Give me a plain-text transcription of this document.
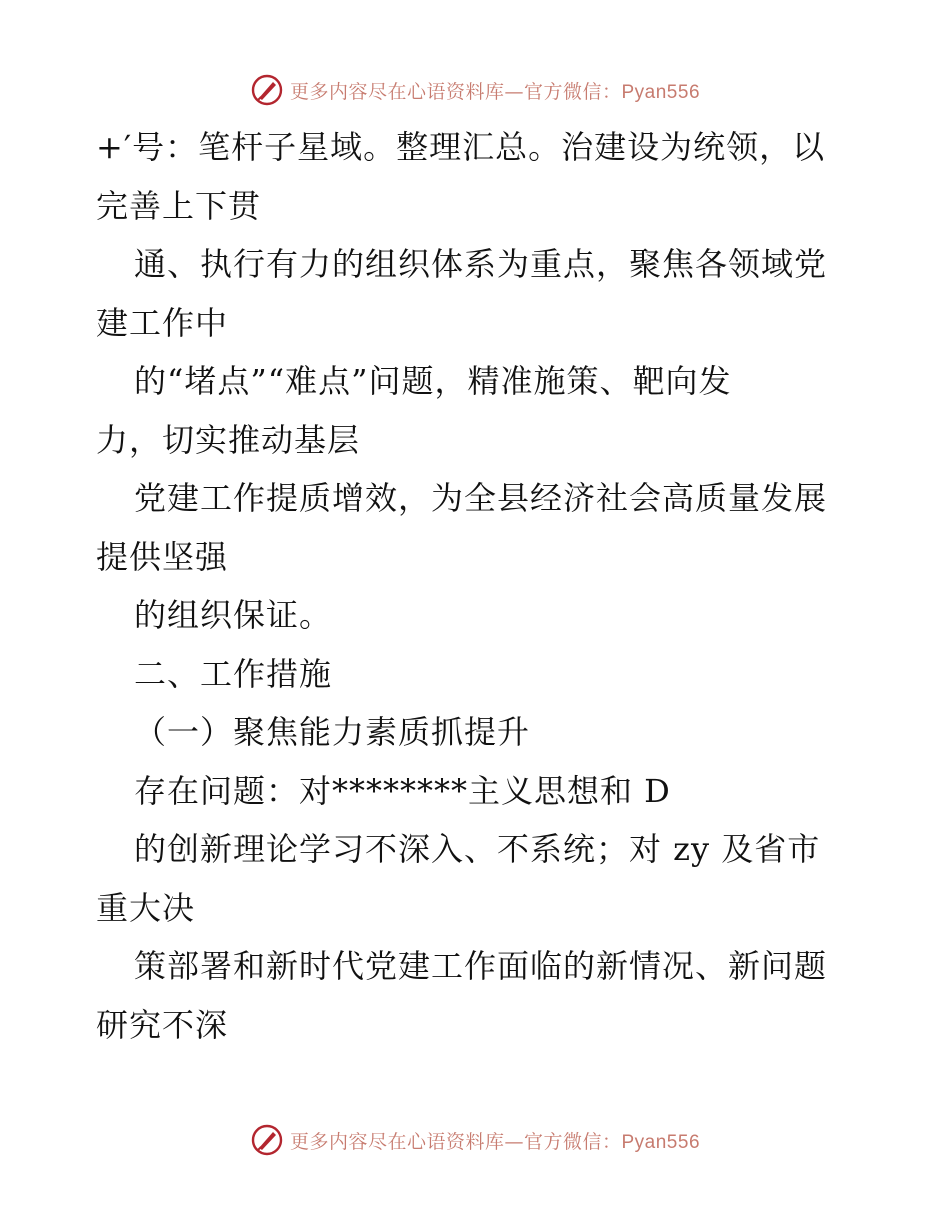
更多内容尽在心语资料库—官方微信：Pyan556
+′号：笔杆子星域。整理汇总。治建设为统领，以
完善上下贯
通、执行有力的组织体系为重点，聚焦各领域党
建工作中
的“堵点”“难点”问题，精准施策、靶向发
力，切实推动基层
党建工作提质增效，为全县经济社会高质量发展
提供坚强
的组织保证。
二、工作措施
（一）聚焦能力素质抓提升
存在问题：对********主义思想和 D
的创新理论学习不深入、不系统；对 zy 及省市
重大决
策部署和新时代党建工作面临的新情况、新问题
研究不深
更多内容尽在心语资料库—官方微信：Pyan556
